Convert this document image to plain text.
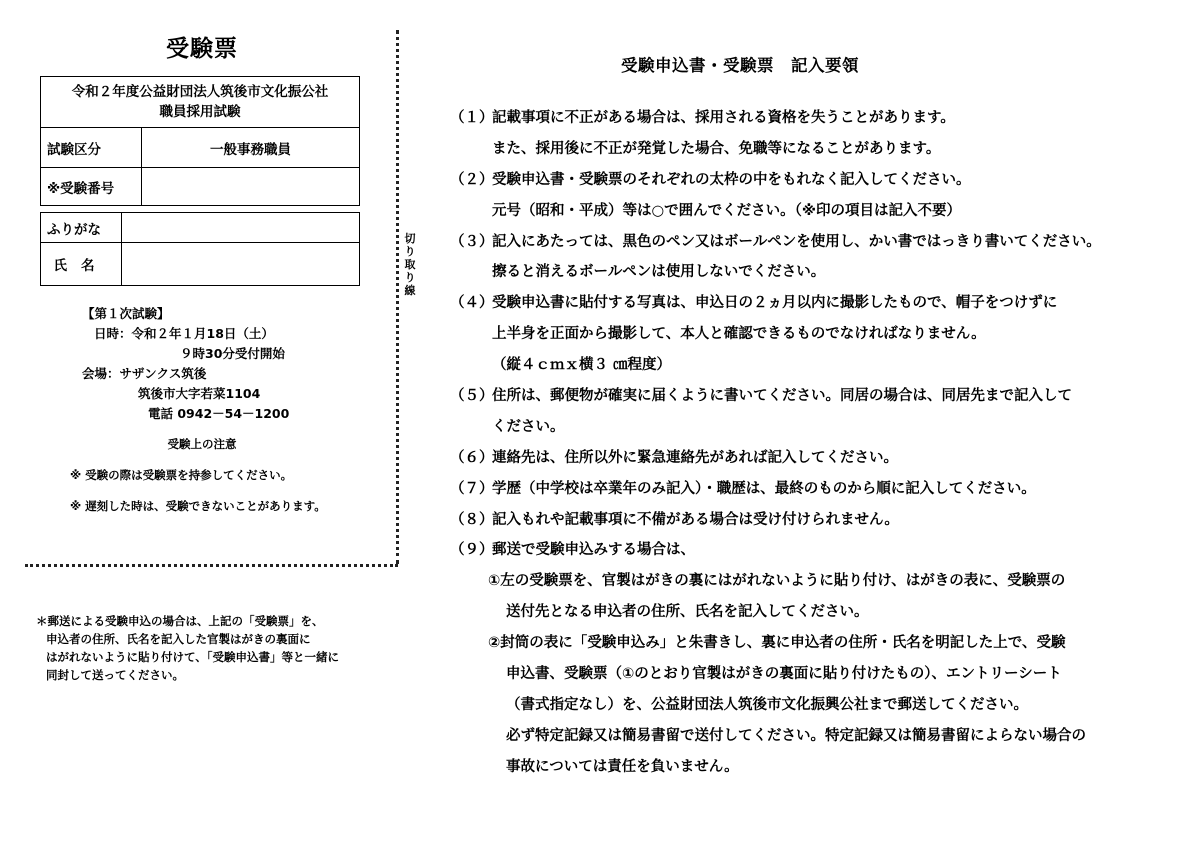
受験票
令和２年度公益財団法人筑後市文化振公社
職員採用試験	

試験区分	一般事務職員
※受験番号	
ふりがな	
氏名	
【第１次試験】
日時：令和２年１月18日（土）
９時30分受付開始
会場：サザンクス筑後
筑後市大字若菜1104
電話 0942－54－1200
受験上の注意
※ 受験の際は受験票を持参してください。
※ 遅刻した時は、受験できないことがあります。
切り取り線
＊郵送による受験申込の場合は、上記の「受験票」を、
申込者の住所、氏名を記入した官製はがきの裏面に
はがれないように貼り付けて、「受験申込書」等と一緒に
同封して送ってください。
受験申込書・受験票　記入要領
（１）記載事項に不正がある場合は、採用される資格を失うことがあります。
また、採用後に不正が発覚した場合、免職等になることがあります。
（２）受験申込書・受験票のそれぞれの太枠の中をもれなく記入してください。
元号（昭和・平成）等は○で囲んでください。（※印の項目は記入不要）
（３）記入にあたっては、黒色のペン又はボールペンを使用し、かい書ではっきり書いてください。
擦ると消えるボールペンは使用しないでください。
（４）受験申込書に貼付する写真は、申込日の２ヵ月以内に撮影したもので、帽子をつけずに
上半身を正面から撮影して、本人と確認できるものでなければなりません。
（縦４ｃｍｘ横３ ㎝程度）
（５）住所は、郵便物が確実に届くように書いてください。同居の場合は、同居先まで記入して
ください。
（６）連絡先は、住所以外に緊急連絡先があれば記入してください。
（７）学歴（中学校は卒業年のみ記入）・職歴は、最終のものから順に記入してください。
（８）記入もれや記載事項に不備がある場合は受け付けられません。
（９）郵送で受験申込みする場合は、
①左の受験票を、官製はがきの裏にはがれないように貼り付け、はがきの表に、受験票の
送付先となる申込者の住所、氏名を記入してください。
②封筒の表に「受験申込み」と朱書きし、裏に申込者の住所・氏名を明記した上で、受験
申込書、受験票（①のとおり官製はがきの裏面に貼り付けたもの）、エントリーシート
（書式指定なし）を、公益財団法人筑後市文化振興公社まで郵送してください。
必ず特定記録又は簡易書留で送付してください。特定記録又は簡易書留によらない場合の
事故については責任を負いません。
